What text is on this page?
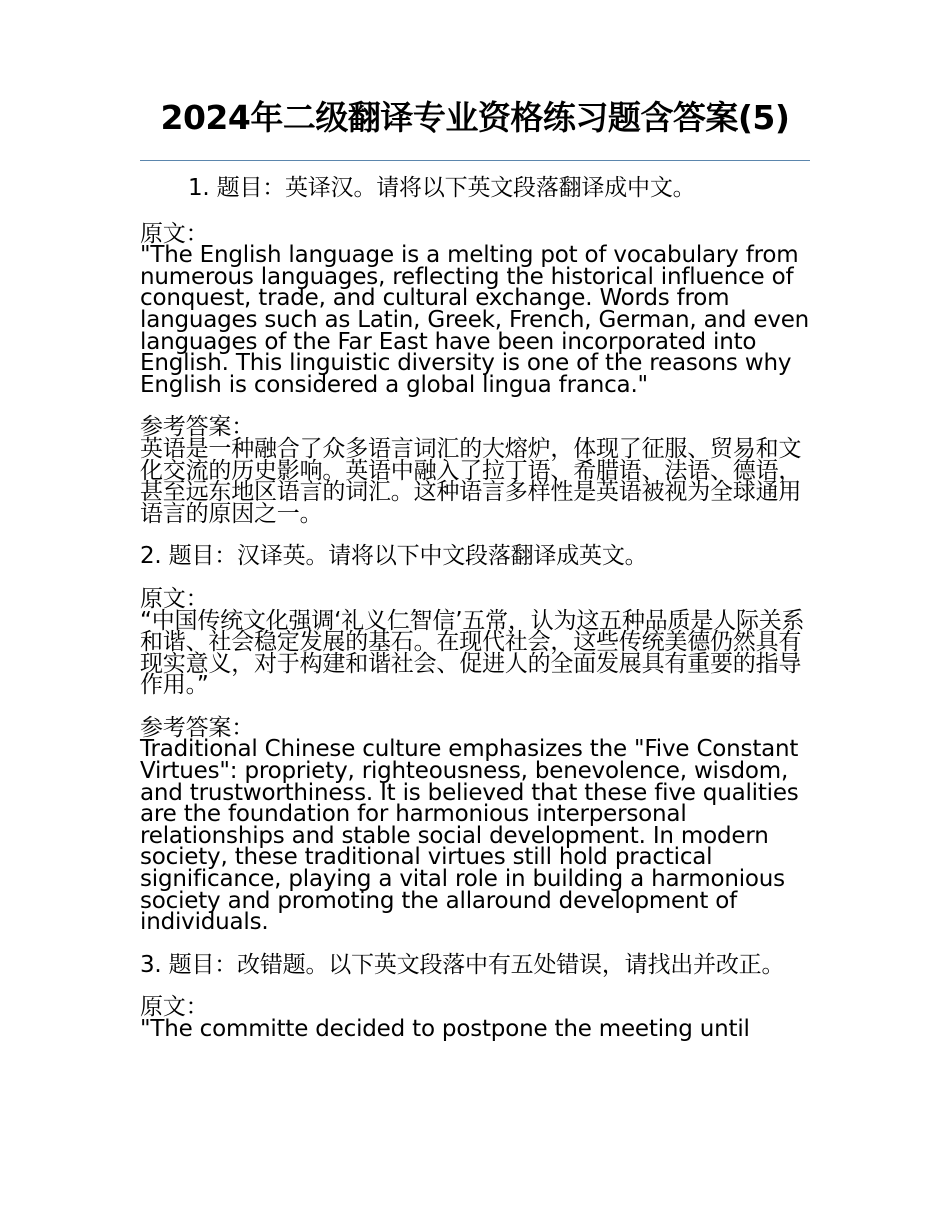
2024年二级翻译专业资格练习题含答案(5)

1. 题目：英译汉。请将以下英文段落翻译成中文。

原文：

"The English language is a melting pot of vocabulary from numerous languages, reflecting the historical influence of conquest, trade, and cultural exchange. Words from languages such as Latin, Greek, French, German, and even languages of the Far East have been incorporated into English. This linguistic diversity is one of the reasons why English is considered a global lingua franca."

参考答案：

英语是一种融合了众多语言词汇的大熔炉，体现了征服、贸易和文化交流的历史影响。英语中融入了拉丁语、希腊语、法语、德语，甚至远东地区语言的词汇。这种语言多样性是英语被视为全球通用语言的原因之一。

2. 题目：汉译英。请将以下中文段落翻译成英文。

原文：

“中国传统文化强调‘礼义仁智信’五常，认为这五种品质是人际关系和谐、社会稳定发展的基石。在现代社会，这些传统美德仍然具有现实意义，对于构建和谐社会、促进人的全面发展具有重要的指导作用。”

参考答案：

Traditional Chinese culture emphasizes the "Five Constant Virtues": propriety, righteousness, benevolence, wisdom, and trustworthiness. It is believed that these five qualities are the foundation for harmonious interpersonal relationships and stable social development. In modern society, these traditional virtues still hold practical significance, playing a vital role in building a harmonious society and promoting the allaround development of individuals.

3. 题目：改错题。以下英文段落中有五处错误，请找出并改正。

原文：

"The committe decided to postpone the meeting until
